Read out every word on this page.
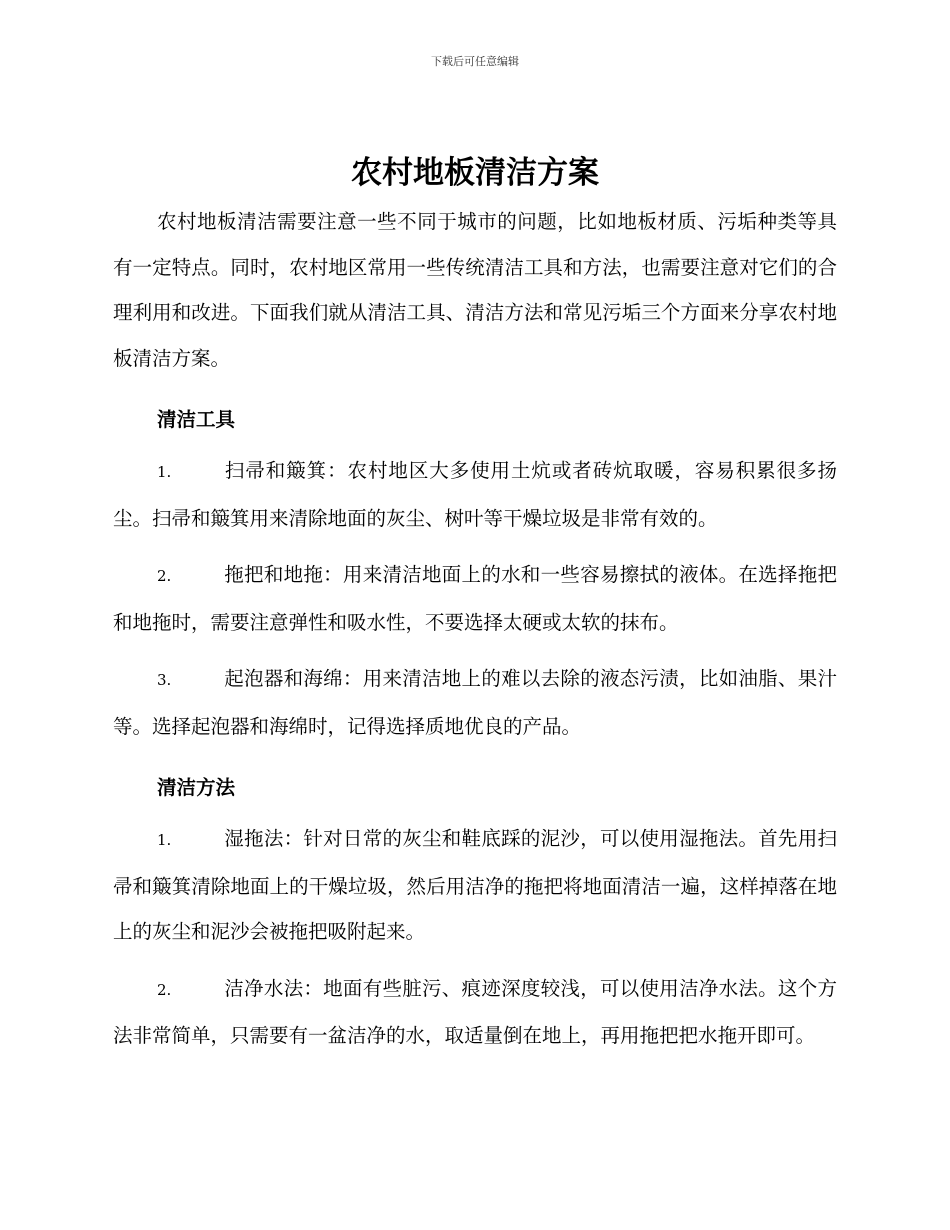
下载后可任意编辑
农村地板清洁方案

农村地板清洁需要注意一些不同于城市的问题，比如地板材质、污垢种类等具有一定特点。同时，农村地区常用一些传统清洁工具和方法，也需要注意对它们的合理利用和改进。下面我们就从清洁工具、清洁方法和常见污垢三个方面来分享农村地板清洁方案。

清洁工具

1.	扫帚和簸箕：农村地区大多使用土炕或者砖炕取暖，容易积累很多扬尘。扫帚和簸箕用来清除地面的灰尘、树叶等干燥垃圾是非常有效的。

2.	拖把和地拖：用来清洁地面上的水和一些容易擦拭的液体。在选择拖把和地拖时，需要注意弹性和吸水性，不要选择太硬或太软的抹布。

3.	起泡器和海绵：用来清洁地上的难以去除的液态污渍，比如油脂、果汁等。选择起泡器和海绵时，记得选择质地优良的产品。

清洁方法

1.	湿拖法：针对日常的灰尘和鞋底踩的泥沙，可以使用湿拖法。首先用扫帚和簸箕清除地面上的干燥垃圾，然后用洁净的拖把将地面清洁一遍，这样掉落在地上的灰尘和泥沙会被拖把吸附起来。

2.	洁净水法：地面有些脏污、痕迹深度较浅，可以使用洁净水法。这个方法非常简单，只需要有一盆洁净的水，取适量倒在地上，再用拖把把水拖开即可。
